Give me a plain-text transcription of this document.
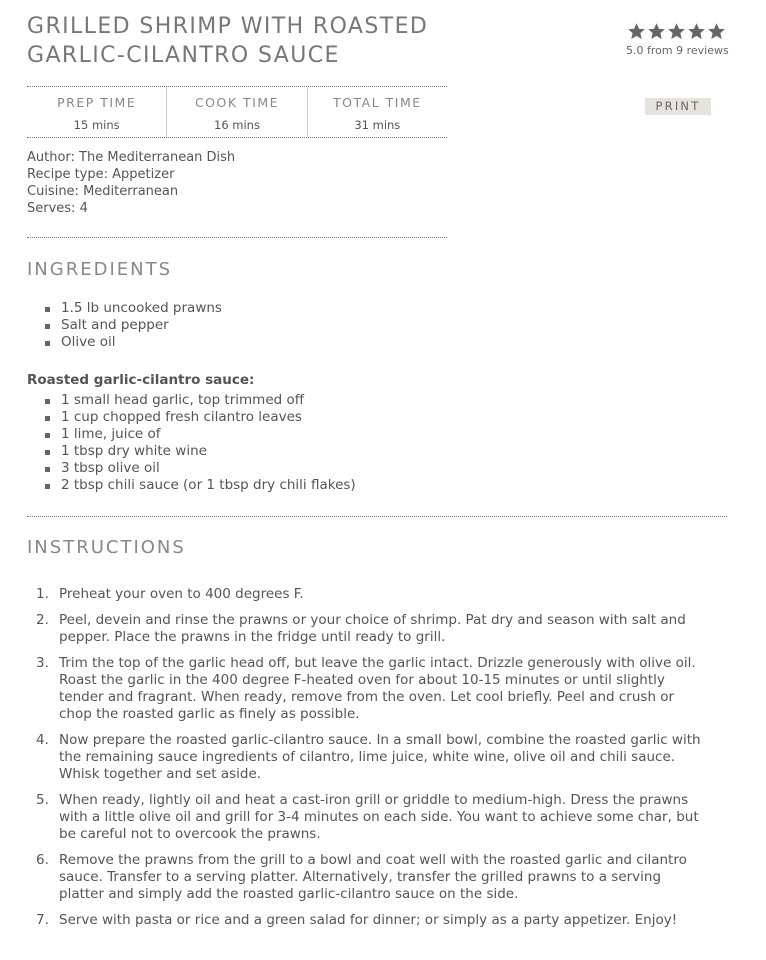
GRILLED SHRIMP WITH ROASTED GARLIC-CILANTRO SAUCE	5.0 from 9 reviews
PREP TIME
15 mins
COOK TIME
16 mins
TOTAL TIME
31 mins
PRINT
Author: The Mediterranean Dish
Recipe type: Appetizer
Cuisine: Mediterranean
Serves: 4
INGREDIENTS
1.5 lb uncooked prawns
Salt and pepper
Olive oil
Roasted garlic-cilantro sauce:
1 small head garlic, top trimmed off
1 cup chopped fresh cilantro leaves
1 lime, juice of
1 tbsp dry white wine
3 tbsp olive oil
2 tbsp chili sauce (or 1 tbsp dry chili flakes)
INSTRUCTIONS
1. Preheat your oven to 400 degrees F.
2. Peel, devein and rinse the prawns or your choice of shrimp. Pat dry and season with salt and pepper. Place the prawns in the fridge until ready to grill.
3. Trim the top of the garlic head off, but leave the garlic intact. Drizzle generously with olive oil. Roast the garlic in the 400 degree F-heated oven for about 10-15 minutes or until slightly tender and fragrant. When ready, remove from the oven. Let cool briefly. Peel and crush or chop the roasted garlic as finely as possible.
4. Now prepare the roasted garlic-cilantro sauce. In a small bowl, combine the roasted garlic with the remaining sauce ingredients of cilantro, lime juice, white wine, olive oil and chili sauce. Whisk together and set aside.
5. When ready, lightly oil and heat a cast-iron grill or griddle to medium-high. Dress the prawns with a little olive oil and grill for 3-4 minutes on each side. You want to achieve some char, but be careful not to overcook the prawns.
6. Remove the prawns from the grill to a bowl and coat well with the roasted garlic and cilantro sauce. Transfer to a serving platter. Alternatively, transfer the grilled prawns to a serving platter and simply add the roasted garlic-cilantro sauce on the side.
7. Serve with pasta or rice and a green salad for dinner; or simply as a party appetizer. Enjoy!
